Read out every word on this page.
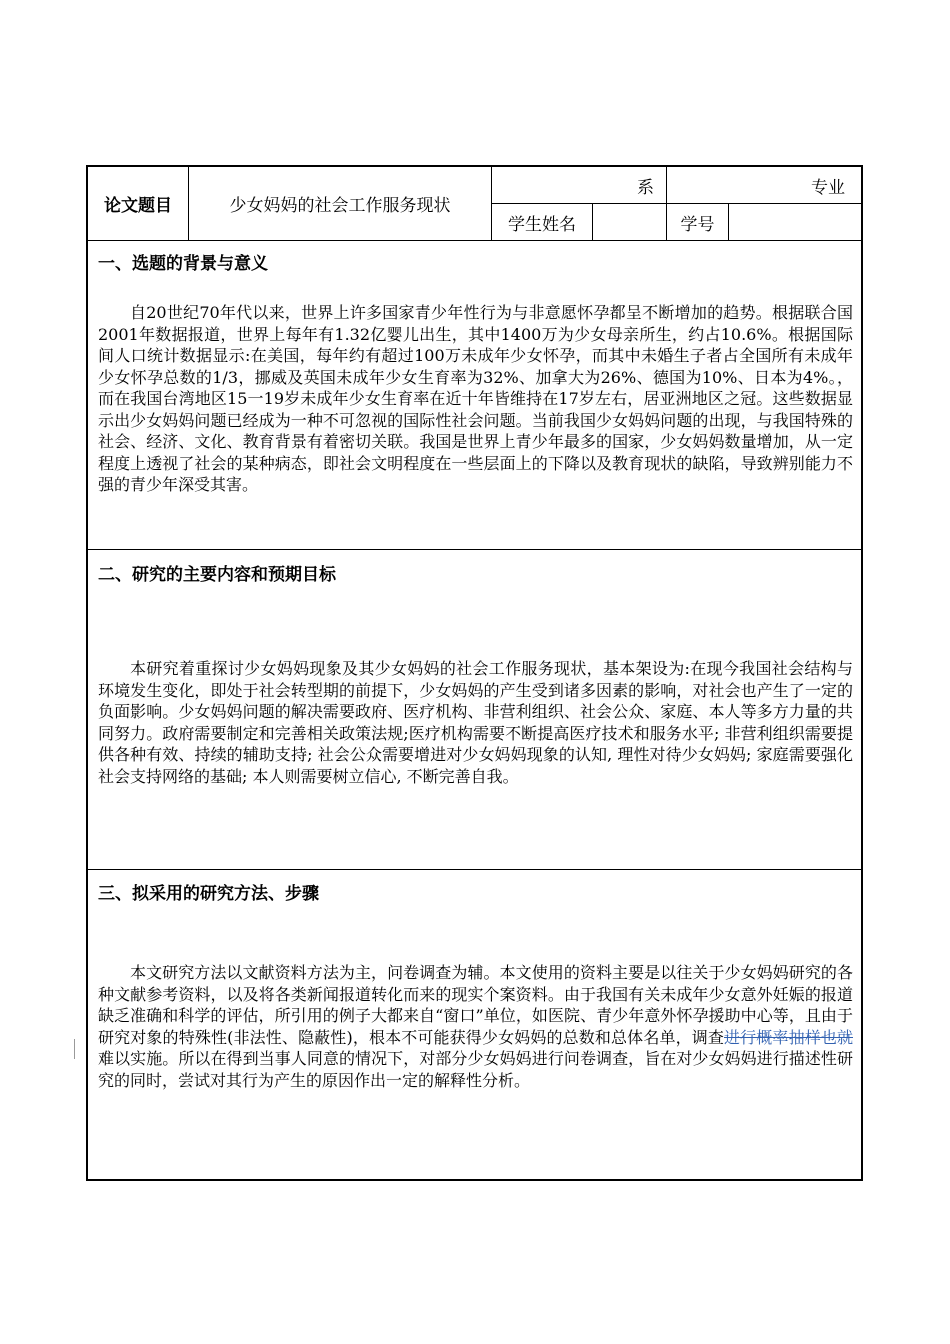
论文题目	少女妈妈的社会工作服务现状
系	专业
学生姓名	学号
一、选题的背景与意义

自20世纪70年代以来，世界上许多国家青少年性行为与非意愿怀孕都呈不断增加的趋势。根据联合国2001年数据报道，世界上每年有1.32亿婴儿出生，其中1400万为少女母亲所生，约占10.6%。根据国际间人口统计数据显示:在美国，每年约有超过100万未成年少女怀孕，而其中未婚生子者占全国所有未成年少女怀孕总数的1/3，挪威及英国未成年少女生育率为32%、加拿大为26%、德国为10%、日本为4%。，而在我国台湾地区15一19岁未成年少女生育率在近十年皆维持在17岁左右，居亚洲地区之冠。这些数据显示出少女妈妈问题已经成为一种不可忽视的国际性社会问题。当前我国少女妈妈问题的出现，与我国特殊的社会、经济、文化、教育背景有着密切关联。我国是世界上青少年最多的国家，少女妈妈数量增加，从一定程度上透视了社会的某种病态，即社会文明程度在一些层面上的下降以及教育现状的缺陷，导致辨别能力不强的青少年深受其害。

二、研究的主要内容和预期目标

本研究着重探讨少女妈妈现象及其少女妈妈的社会工作服务现状，基本架设为:在现今我国社会结构与环境发生变化，即处于社会转型期的前提下，少女妈妈的产生受到诸多因素的影响，对社会也产生了一定的负面影响。少女妈妈问题的解决需要政府、医疗机构、非营利组织、社会公众、家庭、本人等多方力量的共同努力。政府需要制定和完善相关政策法规;医疗机构需要不断提高医疗技术和服务水平; 非营利组织需要提供各种有效、持续的辅助支持; 社会公众需要增进对少女妈妈现象的认知, 理性对待少女妈妈; 家庭需要强化社会支持网络的基础; 本人则需要树立信心, 不断完善自我。

三、拟采用的研究方法、步骤

本文研究方法以文献资料方法为主，问卷调查为辅。本文使用的资料主要是以往关于少女妈妈研究的各种文献参考资料，以及将各类新闻报道转化而来的现实个案资料。由于我国有关未成年少女意外妊娠的报道缺乏准确和科学的评估，所引用的例子大都来自“窗口”单位，如医院、青少年意外怀孕援助中心等，且由于研究对象的特殊性(非法性、隐蔽性)，根本不可能获得少女妈妈的总数和总体名单，调查进行概率抽样也就难以实施。所以在得到当事人同意的情况下，对部分少女妈妈进行问卷调查，旨在对少女妈妈进行描述性研究的同时，尝试对其行为产生的原因作出一定的解释性分析。
